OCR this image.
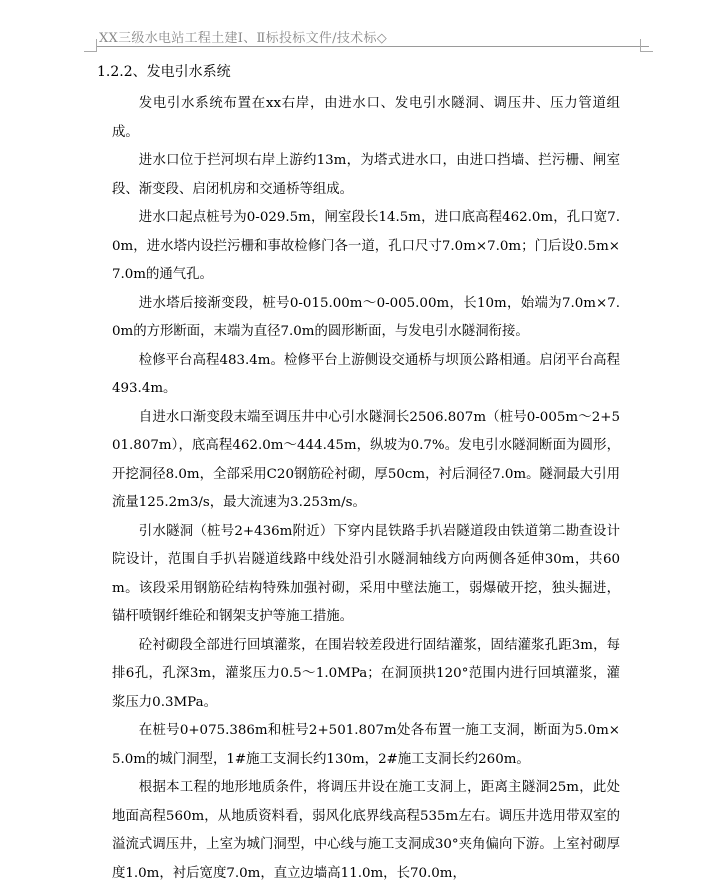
XX三级水电站工程土建Ⅰ、Ⅱ标投标文件/技术标◇
1.2.2、发电引水系统

发电引水系统布置在xx右岸，由进水口、发电引水隧洞、调压井、压力管道组成。

进水口位于拦河坝右岸上游约13m，为塔式进水口，由进口挡墙、拦污栅、闸室段、渐变段、启闭机房和交通桥等组成。

进水口起点桩号为0-029.5m，闸室段长14.5m，进口底高程462.0m，孔口宽7.0m，进水塔内设拦污栅和事故检修门各一道，孔口尺寸7.0m×7.0m；门后设0.5m×7.0m的通气孔。

进水塔后接渐变段，桩号0-015.00m～0-005.00m，长10m，始端为7.0m×7.0m的方形断面，末端为直径7.0m的圆形断面，与发电引水隧洞衔接。

检修平台高程483.4m。检修平台上游侧设交通桥与坝顶公路相通。启闭平台高程493.4m。

自进水口渐变段末端至调压井中心引水隧洞长2506.807m（桩号0-005m～2+501.807m），底高程462.0m～444.45m，纵坡为0.7%。发电引水隧洞断面为圆形，开挖洞径8.0m，全部采用C20钢筋砼衬砌，厚50cm，衬后洞径7.0m。隧洞最大引用流量125.2m3/s，最大流速为3.253m/s。

引水隧洞（桩号2+436m附近）下穿内昆铁路手扒岩隧道段由铁道第二勘查设计院设计，范围自手扒岩隧道线路中线处沿引水隧洞轴线方向两侧各延伸30m，共60m。该段采用钢筋砼结构特殊加强衬砌，采用中壁法施工，弱爆破开挖，独头掘进，锚杆喷钢纤维砼和钢架支护等施工措施。

砼衬砌段全部进行回填灌浆，在围岩较差段进行固结灌浆，固结灌浆孔距3m，每排6孔，孔深3m，灌浆压力0.5～1.0MPa；在洞顶拱120°范围内进行回填灌浆，灌浆压力0.3MPa。

在桩号0+075.386m和桩号2+501.807m处各布置一施工支洞，断面为5.0m×5.0m的城门洞型，1#施工支洞长约130m，2#施工支洞长约260m。

根据本工程的地形地质条件，将调压井设在施工支洞上，距离主隧洞25m，此处地面高程560m，从地质资料看，弱风化底界线高程535m左右。调压井选用带双室的溢流式调压井，上室为城门洞型，中心线与施工支洞成30°夹角偏向下游。上室衬砌厚度1.0m，衬后宽度7.0m，直立边墙高11.0m，长70.0m，
